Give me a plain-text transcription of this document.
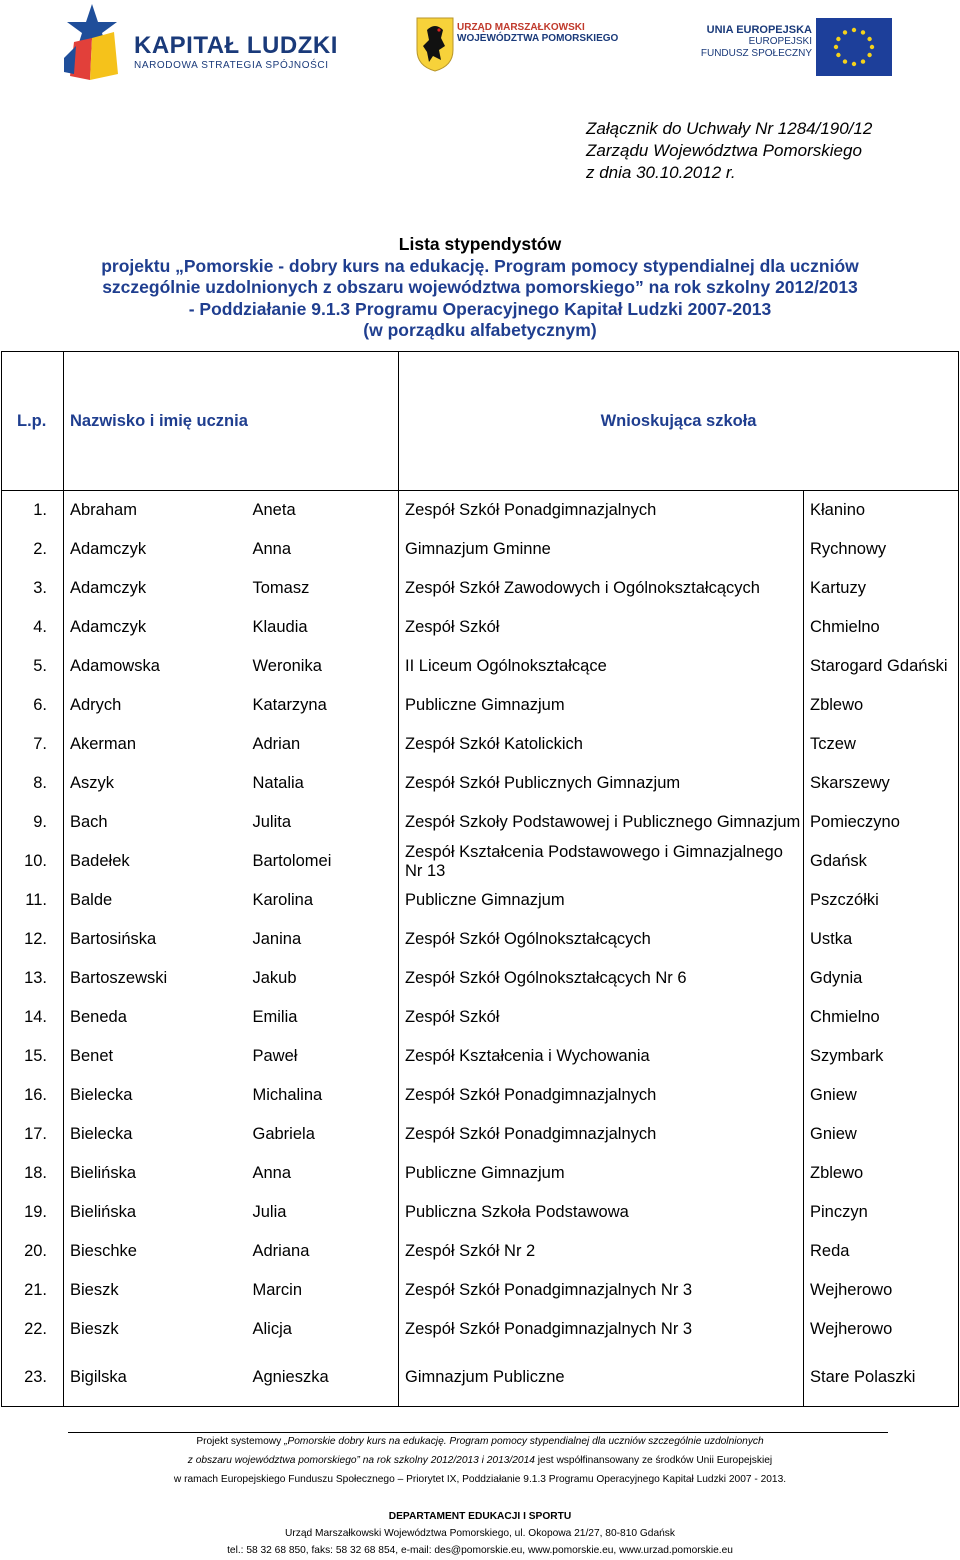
KAPITAŁ LUDZKI
NARODOWA STRATEGIA SPÓJNOŚCI
URZĄD MARSZAŁKOWSKI
WOJEWÓDZTWA POMORSKIEGO
UNIA EUROPEJSKA
EUROPEJSKI
FUNDUSZ SPOŁECZNY
Załącznik do Uchwały Nr 1284/190/12
Zarządu Województwa Pomorskiego
z dnia 30.10.2012 r.
Lista stypendystów
projektu „Pomorskie - dobry kurs na edukację. Program pomocy stypendialnej dla uczniów
szczególnie uzdolnionych z obszaru województwa pomorskiego” na rok szkolny 2012/2013
- Poddziałanie 9.1.3 Programu Operacyjnego Kapitał Ludzki 2007-2013
(w porządku alfabetycznym)
L.p.	Nazwisko i imię ucznia		Wnioskująca szkoła	
1.	Abraham	Aneta	Zespół Szkół Ponadgimnazjalnych	Kłanino
2.	Adamczyk	Anna	Gimnazjum Gminne	Rychnowy
3.	Adamczyk	Tomasz	Zespół Szkół Zawodowych i Ogólnokształcących	Kartuzy
4.	Adamczyk	Klaudia	Zespół Szkół	Chmielno
5.	Adamowska	Weronika	II Liceum Ogólnokształcące	Starogard Gdański
6.	Adrych	Katarzyna	Publiczne Gimnazjum	Zblewo
7.	Akerman	Adrian	Zespół Szkół Katolickich	Tczew
8.	Aszyk	Natalia	Zespół Szkół Publicznych Gimnazjum	Skarszewy
9.	Bach	Julita	Zespół Szkoły Podstawowej i Publicznego Gimnazjum	Pomieczyno
10.	Badełek	Bartolomei	Zespół Kształcenia Podstawowego i Gimnazjalnego Nr 13	Gdańsk
11.	Balde	Karolina	Publiczne Gimnazjum	Pszczółki
12.	Bartosińska	Janina	Zespół Szkół Ogólnokształcących	Ustka
13.	Bartoszewski	Jakub	Zespół Szkół Ogólnokształcących Nr 6	Gdynia
14.	Beneda	Emilia	Zespół Szkół	Chmielno
15.	Benet	Paweł	Zespół Kształcenia i Wychowania	Szymbark
16.	Bielecka	Michalina	Zespół Szkół Ponadgimnazjalnych	Gniew
17.	Bielecka	Gabriela	Zespół Szkół Ponadgimnazjalnych	Gniew
18.	Bielińska	Anna	Publiczne Gimnazjum	Zblewo
19.	Bielińska	Julia	Publiczna Szkoła Podstawowa	Pinczyn
20.	Bieschke	Adriana	Zespół Szkół Nr 2	Reda
21.	Bieszk	Marcin	Zespół Szkół Ponadgimnazjalnych Nr 3	Wejherowo
22.	Bieszk	Alicja	Zespół Szkół Ponadgimnazjalnych Nr 3	Wejherowo
23.	Bigilska	Agnieszka	Gimnazjum Publiczne	Stare Polaszki
Projekt systemowy „Pomorskie dobry kurs na edukację. Program pomocy stypendialnej dla uczniów szczególnie uzdolnionych
z obszaru województwa pomorskiego” na rok szkolny 2012/2013 i 2013/2014 jest współfinansowany ze środków Unii Europejskiej
w ramach Europejskiego Funduszu Społecznego – Priorytet IX, Poddziałanie 9.1.3 Programu Operacyjnego Kapitał Ludzki 2007 - 2013.
DEPARTAMENT EDUKACJI I SPORTU
Urząd Marszałkowski Województwa Pomorskiego, ul. Okopowa 21/27, 80-810 Gdańsk
tel.: 58 32 68 850, faks: 58 32 68 854, e-mail: des@pomorskie.eu, www.pomorskie.eu, www.urzad.pomorskie.eu
